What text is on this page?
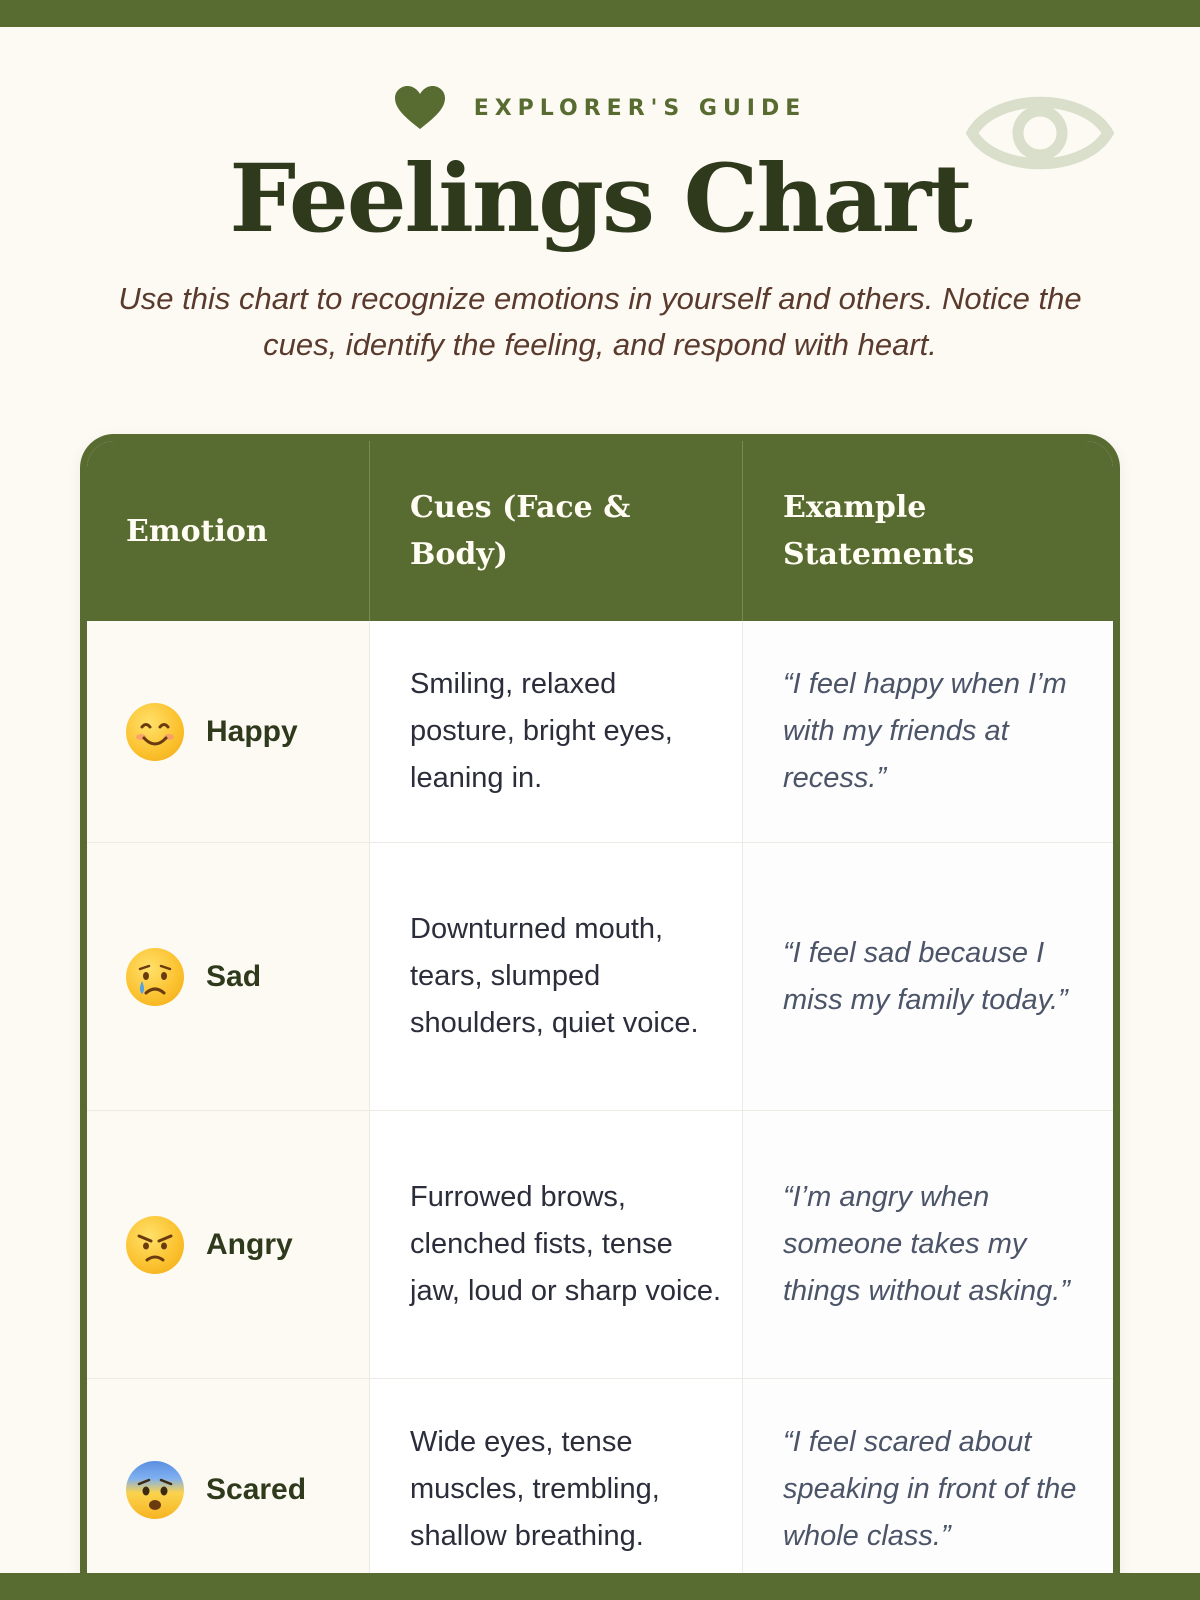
EXPLORER'S GUIDE
Feelings Chart

Use this chart to recognize emotions in yourself and others. Notice the cues, identify the feeling, and respond with heart.

Emotion
Cues (Face & Body)
Example Statements
Happy
Smiling, relaxed posture, bright eyes, leaning in.
“I feel happy when I’m with my friends at recess.”
Sad
Downturned mouth, tears, slumped shoulders, quiet voice.
“I feel sad because I miss my family today.”
Angry
Furrowed brows, clenched fists, tense jaw, loud or sharp voice.
“I’m angry when someone takes my things without asking.”
Scared
Wide eyes, tense muscles, trembling, shallow breathing.
“I feel scared about speaking in front of the whole class.”
